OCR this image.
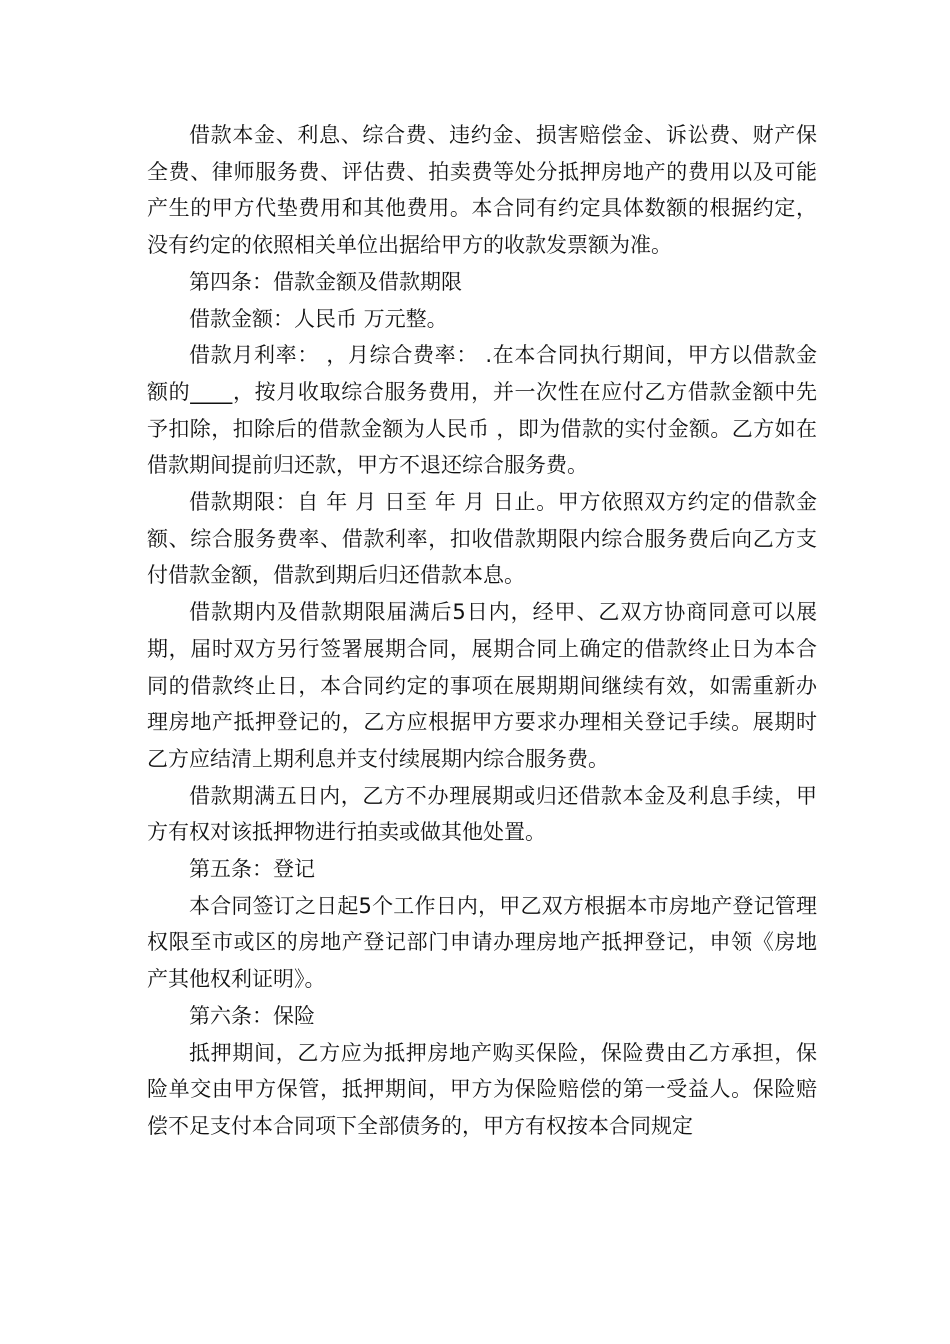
借款本金、利息、综合费、违约金、损害赔偿金、诉讼费、财产保全费、律师服务费、评估费、拍卖费等处分抵押房地产的费用以及可能产生的甲方代垫费用和其他费用。本合同有约定具体数额的根据约定，没有约定的依照相关单位出据给甲方的收款发票额为准。

第四条：借款金额及借款期限

借款金额：人民币 万元整。

借款月利率： ，月综合费率： .在本合同执行期间，甲方以借款金额的____，按月收取综合服务费用，并一次性在应付乙方借款金额中先予扣除，扣除后的借款金额为人民币 ，即为借款的实付金额。乙方如在借款期间提前归还款，甲方不退还综合服务费。

借款期限：自 年 月 日至 年 月 日止。甲方依照双方约定的借款金额、综合服务费率、借款利率，扣收借款期限内综合服务费后向乙方支付借款金额，借款到期后归还借款本息。

借款期内及借款期限届满后5日内，经甲、乙双方协商同意可以展期，届时双方另行签署展期合同，展期合同上确定的借款终止日为本合同的借款终止日，本合同约定的事项在展期期间继续有效，如需重新办理房地产抵押登记的，乙方应根据甲方要求办理相关登记手续。展期时乙方应结清上期利息并支付续展期内综合服务费。

借款期满五日内，乙方不办理展期或归还借款本金及利息手续，甲方有权对该抵押物进行拍卖或做其他处置。

第五条：登记

本合同签订之日起5个工作日内，甲乙双方根据本市房地产登记管理权限至市或区的房地产登记部门申请办理房地产抵押登记，申领《房地产其他权利证明》。

第六条：保险

抵押期间，乙方应为抵押房地产购买保险，保险费由乙方承担，保险单交由甲方保管，抵押期间，甲方为保险赔偿的第一受益人。保险赔偿不足支付本合同项下全部债务的，甲方有权按本合同规定
